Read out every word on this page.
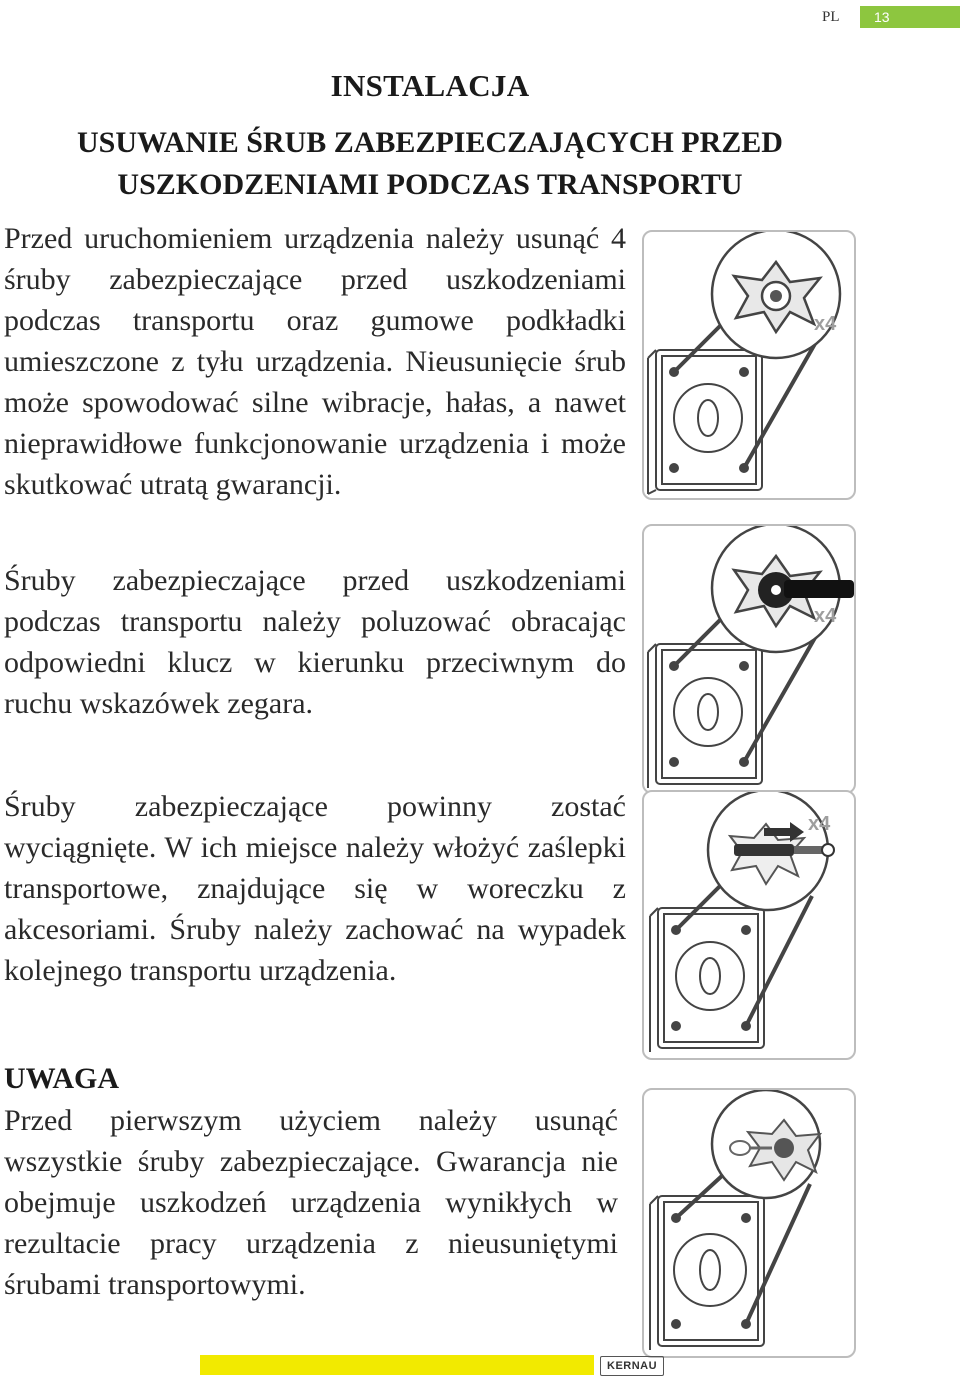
PL	13
INSTALACJA
USUWANIE ŚRUB ZABEZPIECZAJĄCYCH PRZED
USZKODZENIAMI PODCZAS TRANSPORTU

Przed uruchomieniem urządzenia należy usunąć 4 śruby zabezpieczające przed uszkodzeniami podczas transportu oraz gumowe podkładki umieszczone z tyłu urządzenia. Nieusunięcie śrub może spowodować silne wibracje, hałas, a nawet nieprawidłowe funkcjonowanie urządzenia i może skutkować utratą gwarancji.

Śruby zabezpieczające przed uszkodzeniami podczas transportu należy poluzować obracając odpowiedni klucz w kierunku przeciwnym do ruchu wskazówek zegara.

Śruby zabezpieczające powinny zostać wyciągnięte. W ich miejsce należy włożyć zaślepki transportowe, znajdujące się w woreczku z akcesoriami. Śruby należy zachować na wypadek kolejnego transportu urządzenia.

UWAGA

Przed pierwszym użyciem należy usunąć wszystkie śruby zabezpieczające. Gwarancja nie obejmuje uszkodzeń urządzenia wynikłych w rezultacie pracy urządzenia z nieusuniętymi śrubami transportowymi.

x4
x4
x4
KERNAU
